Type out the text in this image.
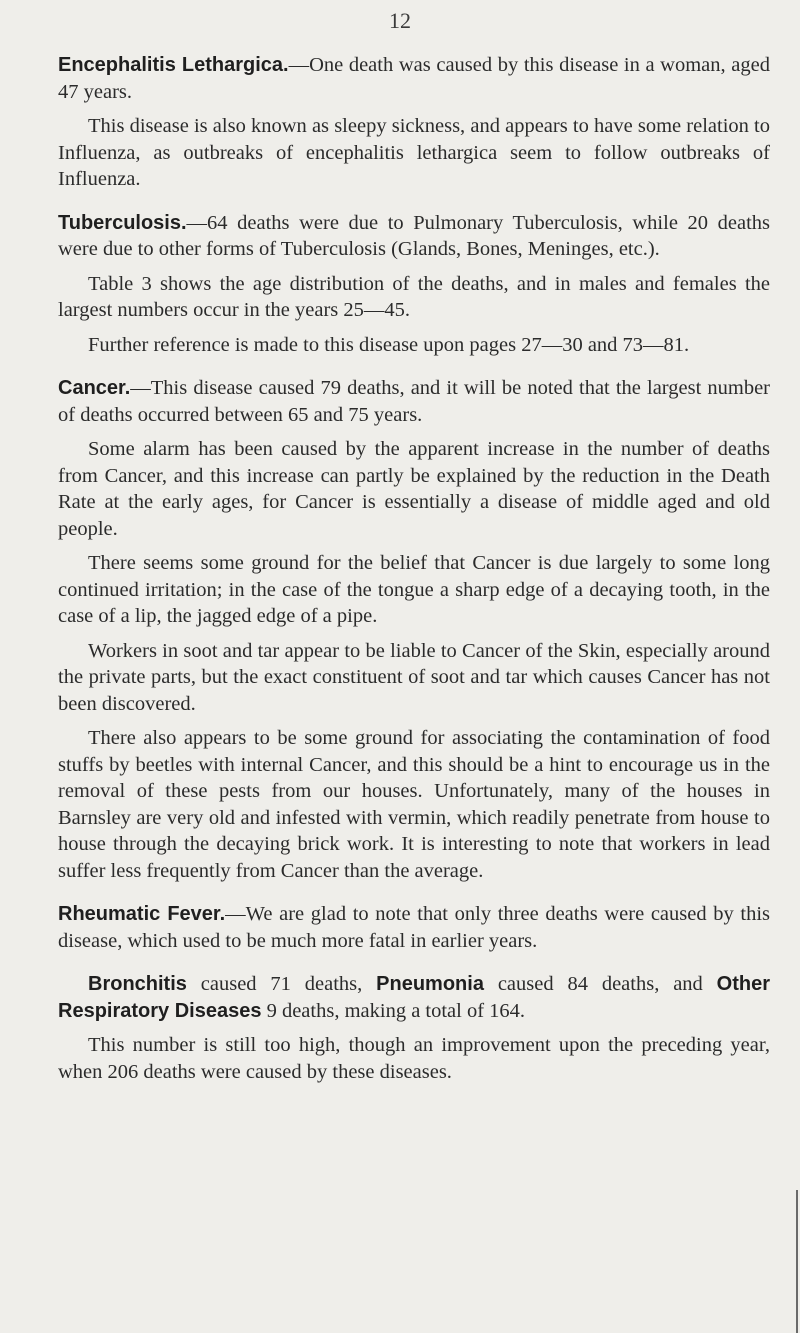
12

Encephalitis Lethargica.—One death was caused by this disease in a woman, aged 47 years.

This disease is also known as sleepy sickness, and appears to have some relation to Influenza, as outbreaks of encephalitis lethargica seem to follow outbreaks of Influenza.

Tuberculosis.—64 deaths were due to Pulmonary Tuberculosis, while 20 deaths were due to other forms of Tuberculosis (Glands, Bones, Meninges, etc.).

Table 3 shows the age distribution of the deaths, and in males and females the largest numbers occur in the years 25—45.

Further reference is made to this disease upon pages 27—30 and 73—81.

Cancer.—This disease caused 79 deaths, and it will be noted that the largest number of deaths occurred between 65 and 75 years.

Some alarm has been caused by the apparent increase in the number of deaths from Cancer, and this increase can partly be explained by the reduction in the Death Rate at the early ages, for Cancer is essentially a disease of middle aged and old people.

There seems some ground for the belief that Cancer is due largely to some long continued irritation; in the case of the tongue a sharp edge of a decaying tooth, in the case of a lip, the jagged edge of a pipe.

Workers in soot and tar appear to be liable to Cancer of the Skin, especially around the private parts, but the exact constituent of soot and tar which causes Cancer has not been discovered.

There also appears to be some ground for associating the contamination of food stuffs by beetles with internal Cancer, and this should be a hint to encourage us in the removal of these pests from our houses. Unfortunately, many of the houses in Barnsley are very old and infested with vermin, which readily penetrate from house to house through the decaying brick work. It is interesting to note that workers in lead suffer less frequently from Cancer than the average.

Rheumatic Fever.—We are glad to note that only three deaths were caused by this disease, which used to be much more fatal in earlier years.

Bronchitis caused 71 deaths, Pneumonia caused 84 deaths, and Other Respiratory Diseases 9 deaths, making a total of 164.

This number is still too high, though an improvement upon the preceding year, when 206 deaths were caused by these diseases.
